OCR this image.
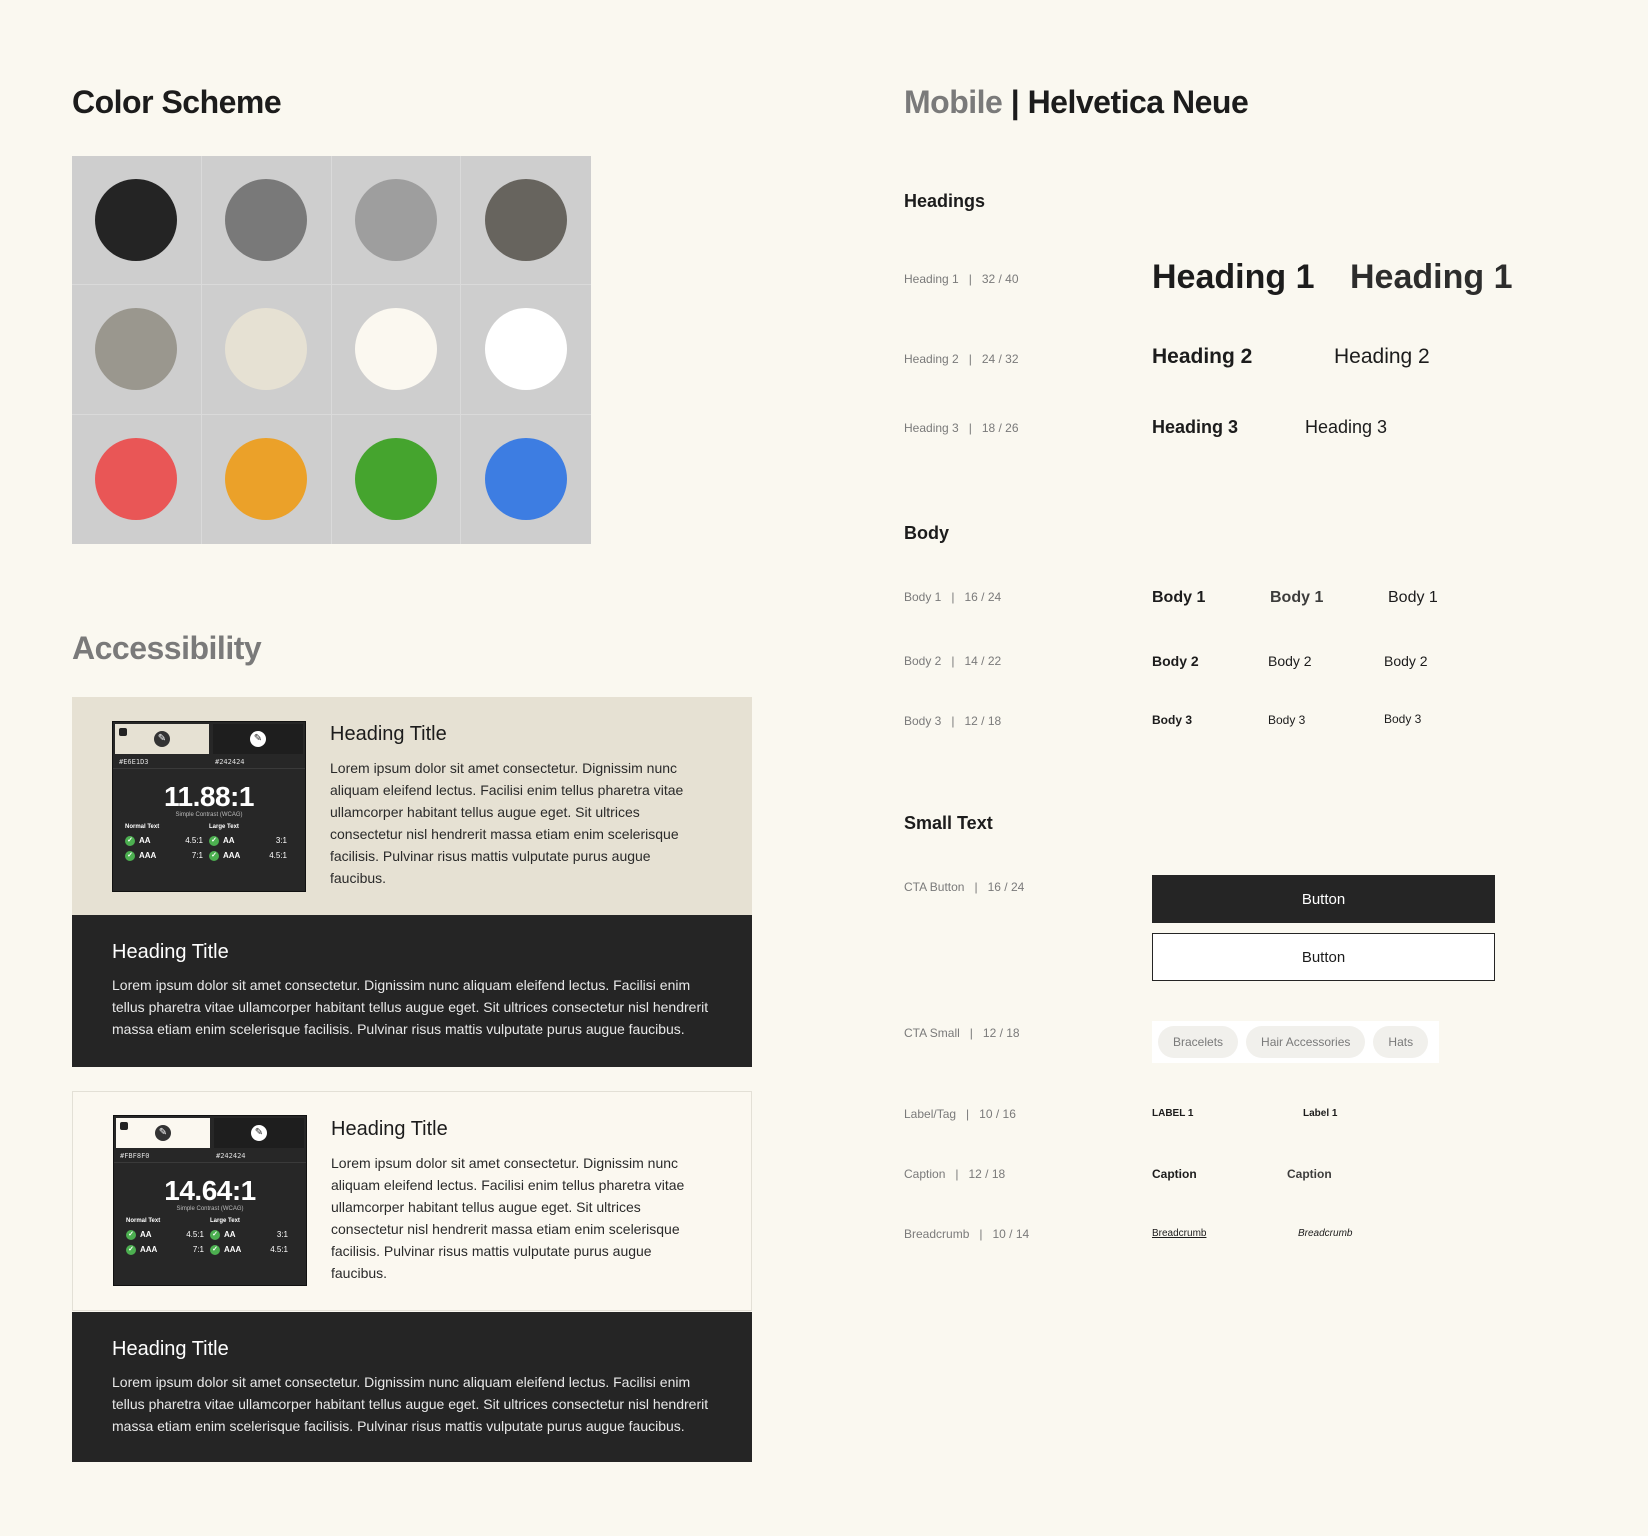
Color Scheme
Accessibility
✎	✎
#E6E1D3	#242424
11.88:1
Simple Contrast (WCAG)
Normal Text
✓ AA	4.5:1
✓ AAA	7:1
Large Text
✓ AA	3:1
✓ AAA	4.5:1
Heading Title
Lorem ipsum dolor sit amet consectetur. Dignissim nunc aliquam eleifend lectus. Facilisi enim tellus pharetra vitae ullamcorper habitant tellus augue eget. Sit ultrices consectetur nisl hendrerit massa etiam enim scelerisque facilisis. Pulvinar risus mattis vulputate purus augue faucibus.
Heading Title
Lorem ipsum dolor sit amet consectetur. Dignissim nunc aliquam eleifend lectus. Facilisi enim tellus pharetra vitae ullamcorper habitant tellus augue eget. Sit ultrices consectetur nisl hendrerit massa etiam enim scelerisque facilisis. Pulvinar risus mattis vulputate purus augue faucibus.
✎	✎
#FBF8F0	#242424
14.64:1
Simple Contrast (WCAG)
Normal Text
✓ AA	4.5:1
✓ AAA	7:1
Large Text
✓ AA	3:1
✓ AAA	4.5:1
Heading Title
Lorem ipsum dolor sit amet consectetur. Dignissim nunc aliquam eleifend lectus. Facilisi enim tellus pharetra vitae ullamcorper habitant tellus augue eget. Sit ultrices consectetur nisl hendrerit massa etiam enim scelerisque facilisis. Pulvinar risus mattis vulputate purus augue faucibus.
Heading Title
Lorem ipsum dolor sit amet consectetur. Dignissim nunc aliquam eleifend lectus. Facilisi enim tellus pharetra vitae ullamcorper habitant tellus augue eget. Sit ultrices consectetur nisl hendrerit massa etiam enim scelerisque facilisis. Pulvinar risus mattis vulputate purus augue faucibus.
Mobile | Helvetica Neue
Headings
Heading 1   |   32 / 40	Heading 1 Heading 1
Heading 2   |   24 / 32	Heading 2	Heading 2
Heading 3   |   18 / 26	Heading 3	Heading 3
Body
Body 1   |   16 / 24	Body 1	Body 1	Body 1
Body 2   |   14 / 22	Body 2	Body 2	Body 2
Body 3   |   12 / 18	Body 3	Body 3	Body 3
Small Text
CTA Button   |   16 / 24
Button
Button
CTA Small   |   12 / 18
Bracelets	Hair Accessories	Hats
Label/Tag   |   10 / 16	LABEL 1	Label 1
Caption   |   12 / 18	Caption	Caption
Breadcrumb   |   10 / 14	Breadcrumb	Breadcrumb
